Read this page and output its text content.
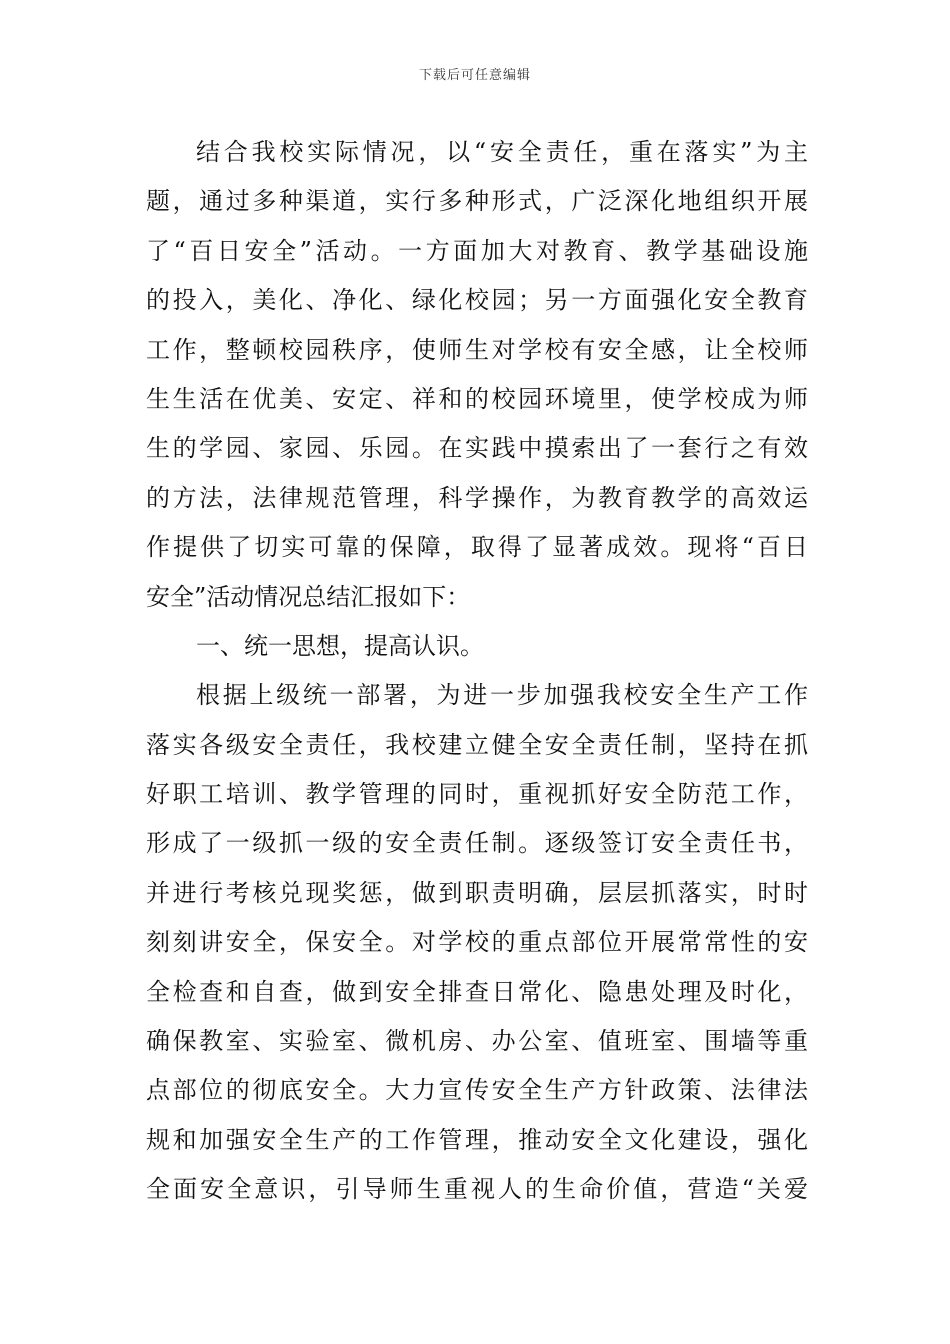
下载后可任意编辑
结合我校实际情况，以“安全责任，重在落实”为主
题，通过多种渠道，实行多种形式，广泛深化地组织开展
了“百日安全”活动。一方面加大对教育、教学基础设施
的投入，美化、净化、绿化校园；另一方面强化安全教育
工作，整顿校园秩序，使师生对学校有安全感，让全校师
生生活在优美、安定、祥和的校园环境里，使学校成为师
生的学园、家园、乐园。在实践中摸索出了一套行之有效
的方法，法律规范管理，科学操作，为教育教学的高效运
作提供了切实可靠的保障，取得了显著成效。现将“百日
安全”活动情况总结汇报如下：
一、统一思想，提高认识。
根据上级统一部署，为进一步加强我校安全生产工作
落实各级安全责任，我校建立健全安全责任制，坚持在抓
好职工培训、教学管理的同时，重视抓好安全防范工作，
形成了一级抓一级的安全责任制。逐级签订安全责任书，
并进行考核兑现奖惩，做到职责明确，层层抓落实，时时
刻刻讲安全，保安全。对学校的重点部位开展常常性的安
全检查和自查，做到安全排查日常化、隐患处理及时化，
确保教室、实验室、微机房、办公室、值班室、围墙等重
点部位的彻底安全。大力宣传安全生产方针政策、法律法
规和加强安全生产的工作管理，推动安全文化建设，强化
全面安全意识，引导师生重视人的生命价值，营造“关爱
